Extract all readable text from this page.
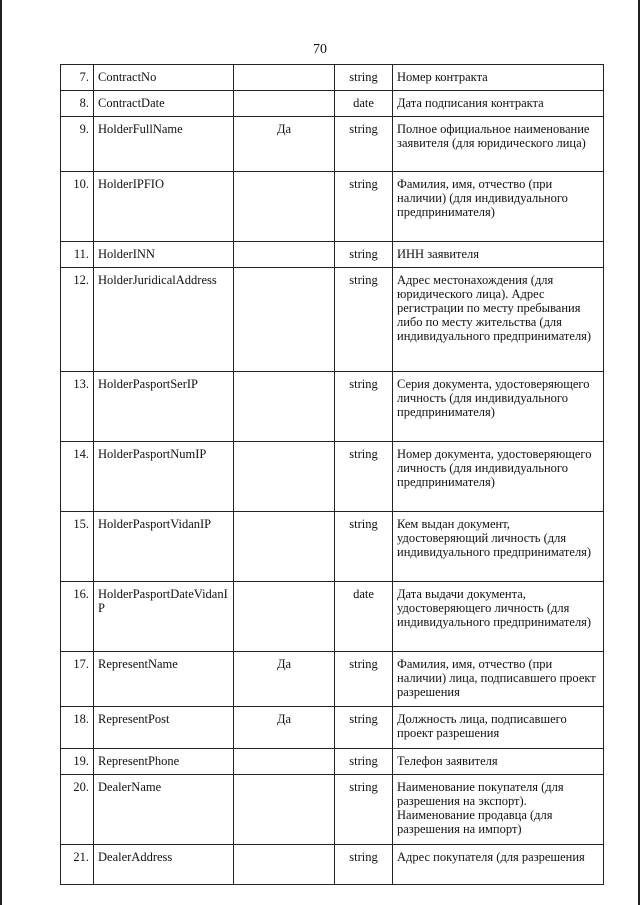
70
7.	ContractNo		string	Номер контракта
8.	ContractDate		date	Дата подписания контракта
9.	HolderFullName	Да	string	Полное официальное наименование заявителя (для юридического лица)
10.	HolderIPFIO		string	Фамилия, имя, отчество (при наличии) (для индивидуального предпринимателя)
11.	HolderINN		string	ИНН заявителя
12.	HolderJuridicalAddress		string	Адрес местонахождения (для юридического лица). Адрес регистрации по месту пребывания либо по месту жительства (для индивидуального предпринимателя)
13.	HolderPasportSerIP		string	Серия документа, удостоверяющего личность (для индивидуального предпринимателя)
14.	HolderPasportNumIP		string	Номер документа, удостоверяющего личность (для индивидуального предпринимателя)
15.	HolderPasportVidanIP		string	Кем выдан документ, удостоверяющий личность (для индивидуального предпринимателя)
16.	HolderPasportDateVidanIP		date	Дата выдачи документа, удостоверяющего личность (для индивидуального предпринимателя)
17.	RepresentName	Да	string	Фамилия, имя, отчество (при наличии) лица, подписавшего проект разрешения
18.	RepresentPost	Да	string	Должность лица, подписавшего проект разрешения
19.	RepresentPhone		string	Телефон заявителя
20.	DealerName		string	Наименование покупателя (для разрешения на экспорт). Наименование продавца (для разрешения на импорт)
21.	DealerAddress		string	Адрес покупателя (для разрешения
